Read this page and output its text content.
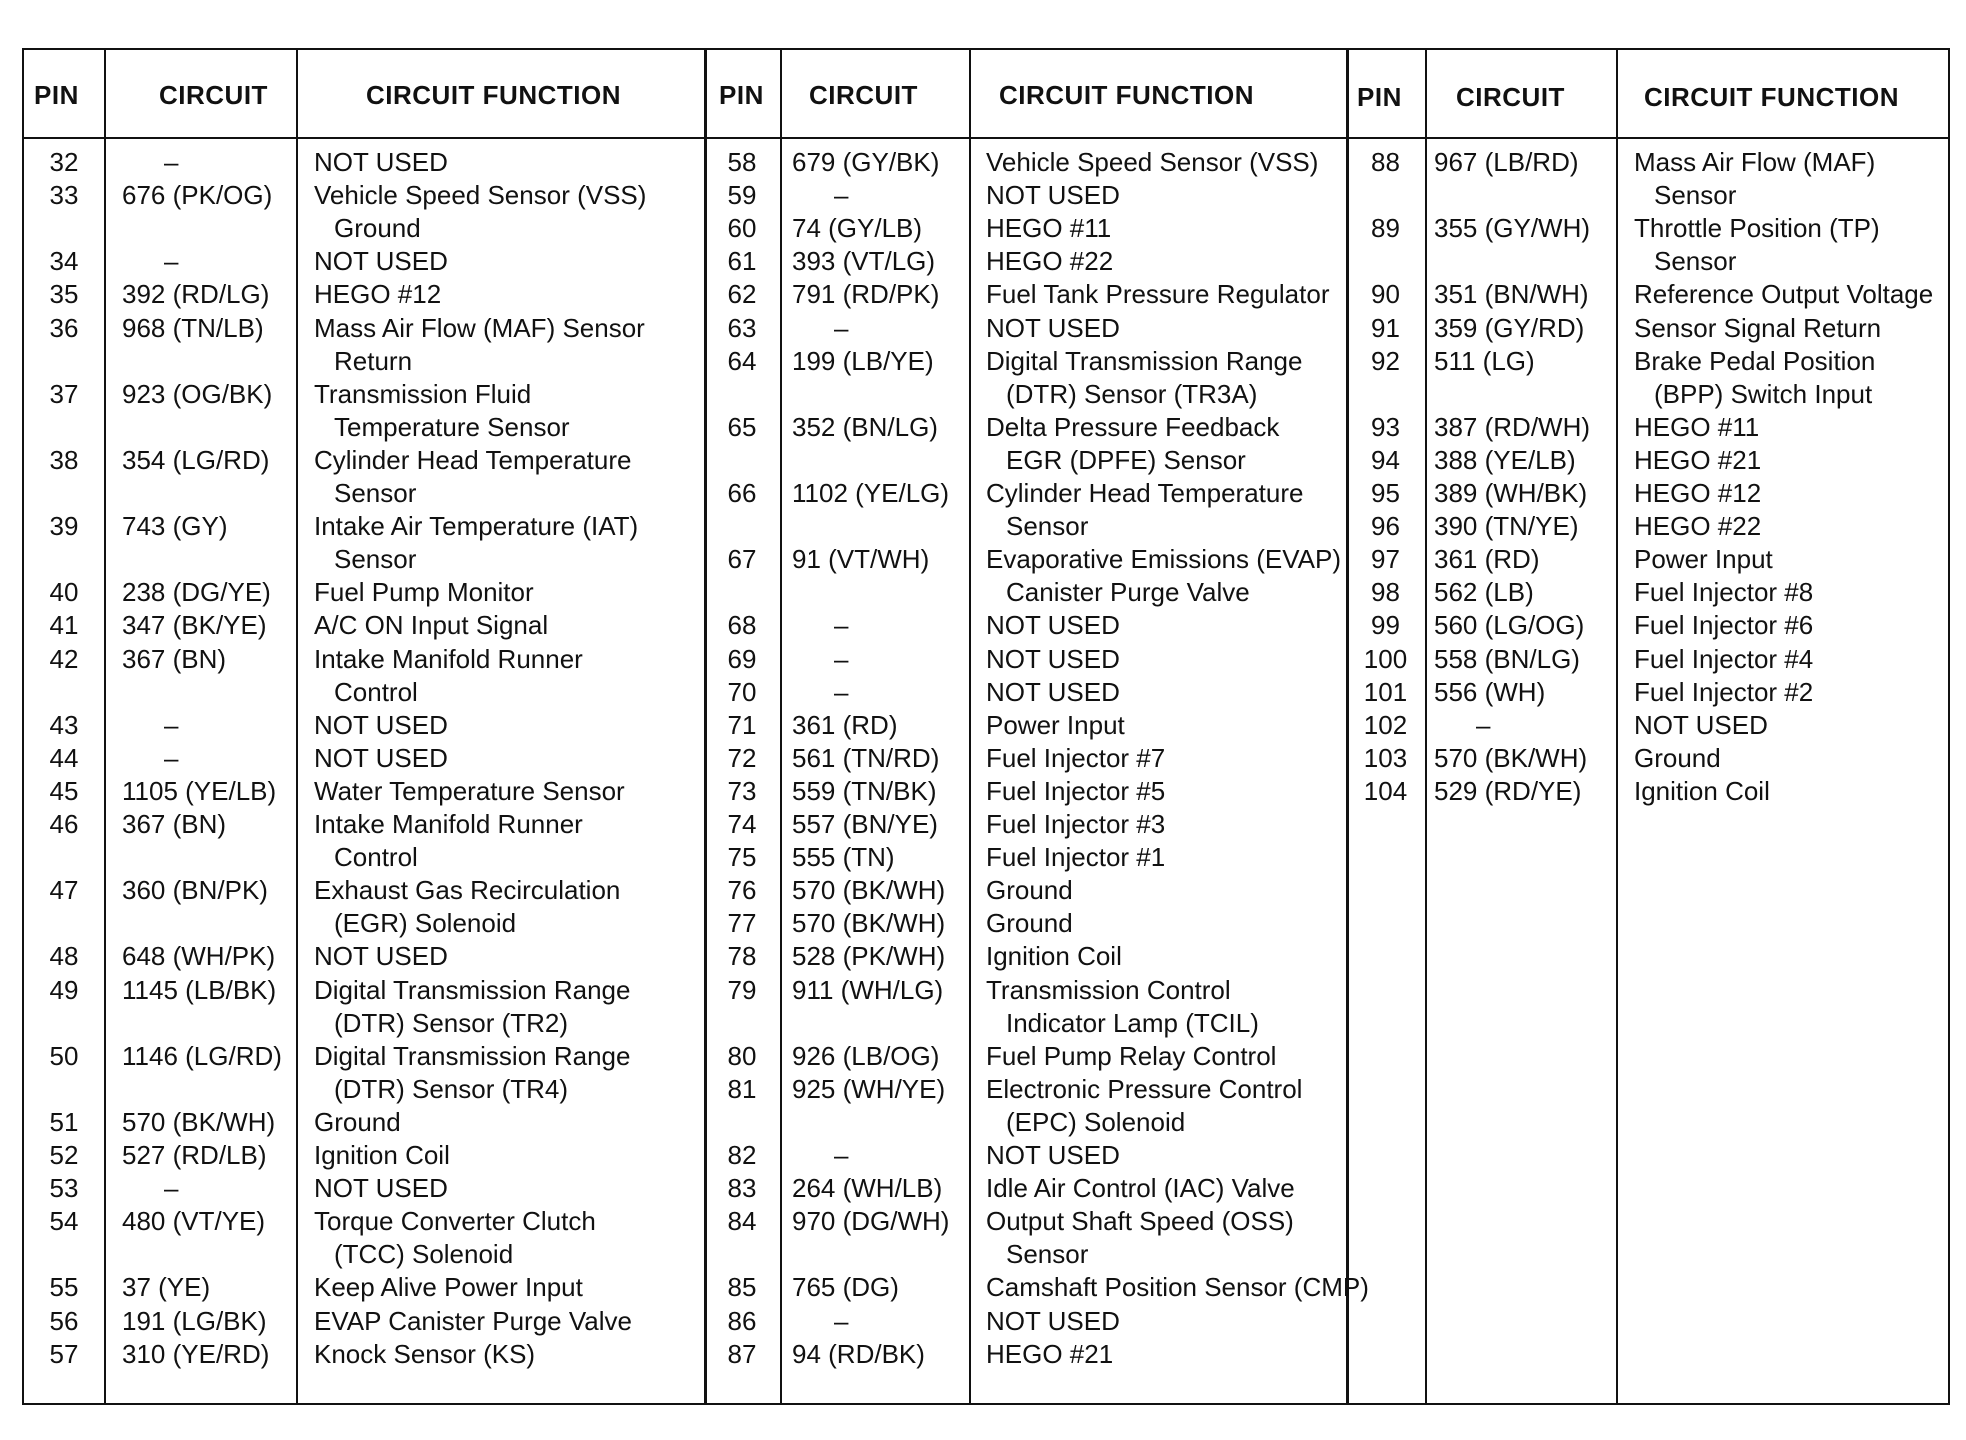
PIN	CIRCUIT	CIRCUIT FUNCTION	PIN CIRCUIT	CIRCUIT FUNCTION	PIN CIRCUIT	CIRCUIT FUNCTION
32	–	NOT USED
33	676 (PK/OG) Vehicle Speed Sensor (VSS)
Ground
34	–	NOT USED
35	392 (RD/LG) HEGO #12
36	968 (TN/LB) Mass Air Flow (MAF) Sensor
Return
37	923 (OG/BK) Transmission Fluid
Temperature Sensor
38	354 (LG/RD) Cylinder Head Temperature
Sensor
39	743 (GY)	Intake Air Temperature (IAT)
Sensor
40	238 (DG/YE) Fuel Pump Monitor
41	347 (BK/YE) A/C ON Input Signal
42	367 (BN)	Intake Manifold Runner
Control
43	–	NOT USED
44	–	NOT USED
45	1105 (YE/LB) Water Temperature Sensor
46	367 (BN)	Intake Manifold Runner
Control
47	360 (BN/PK) Exhaust Gas Recirculation
(EGR) Solenoid
48	648 (WH/PK) NOT USED
49	1145 (LB/BK) Digital Transmission Range
(DTR) Sensor (TR2)
50	1146 (LG/RD) Digital Transmission Range
(DTR) Sensor (TR4)
51	570 (BK/WH) Ground
52	527 (RD/LB) Ignition Coil
53	–	NOT USED
54	480 (VT/YE) Torque Converter Clutch
(TCC) Solenoid
55	37 (YE)	Keep Alive Power Input
56	191 (LG/BK) EVAP Canister Purge Valve
57	310 (YE/RD) Knock Sensor (KS)
58	679 (GY/BK) Vehicle Speed Sensor (VSS)
59	–	NOT USED
60	74 (GY/LB) HEGO #11
61	393 (VT/LG) HEGO #22
62	791 (RD/PK) Fuel Tank Pressure Regulator
63	–	NOT USED
64	199 (LB/YE) Digital Transmission Range
(DTR) Sensor (TR3A)
65	352 (BN/LG) Delta Pressure Feedback
EGR (DPFE) Sensor
66	1102 (YE/LG) Cylinder Head Temperature
Sensor
67	91 (VT/WH) Evaporative Emissions (EVAP)
Canister Purge Valve
68	–	NOT USED
69	–	NOT USED
70	–	NOT USED
71	361 (RD)	Power Input
72	561 (TN/RD) Fuel Injector #7
73	559 (TN/BK) Fuel Injector #5
74	557 (BN/YE) Fuel Injector #3
75	555 (TN)	Fuel Injector #1
76	570 (BK/WH) Ground
77	570 (BK/WH) Ground
78	528 (PK/WH) Ignition Coil
79	911 (WH/LG) Transmission Control
Indicator Lamp (TCIL)
80	926 (LB/OG) Fuel Pump Relay Control
81	925 (WH/YE) Electronic Pressure Control
(EPC) Solenoid
82	–	NOT USED
83	264 (WH/LB) Idle Air Control (IAC) Valve
84	970 (DG/WH) Output Shaft Speed (OSS)
Sensor
85	765 (DG)	Camshaft Position Sensor (CMP)
86	–	NOT USED
87	94 (RD/BK) HEGO #21
88	967 (LB/RD) Mass Air Flow (MAF)
Sensor
89	355 (GY/WH) Throttle Position (TP)
Sensor
90	351 (BN/WH) Reference Output Voltage
91	359 (GY/RD) Sensor Signal Return
92	511 (LG)	Brake Pedal Position
(BPP) Switch Input
93	387 (RD/WH) HEGO #11
94	388 (YE/LB) HEGO #21
95	389 (WH/BK) HEGO #12
96	390 (TN/YE) HEGO #22
97	361 (RD)	Power Input
98	562 (LB)	Fuel Injector #8
99	560 (LG/OG) Fuel Injector #6
100	558 (BN/LG) Fuel Injector #4
101	556 (WH)	Fuel Injector #2
102	–	NOT USED
103	570 (BK/WH) Ground
104	529 (RD/YE) Ignition Coil
